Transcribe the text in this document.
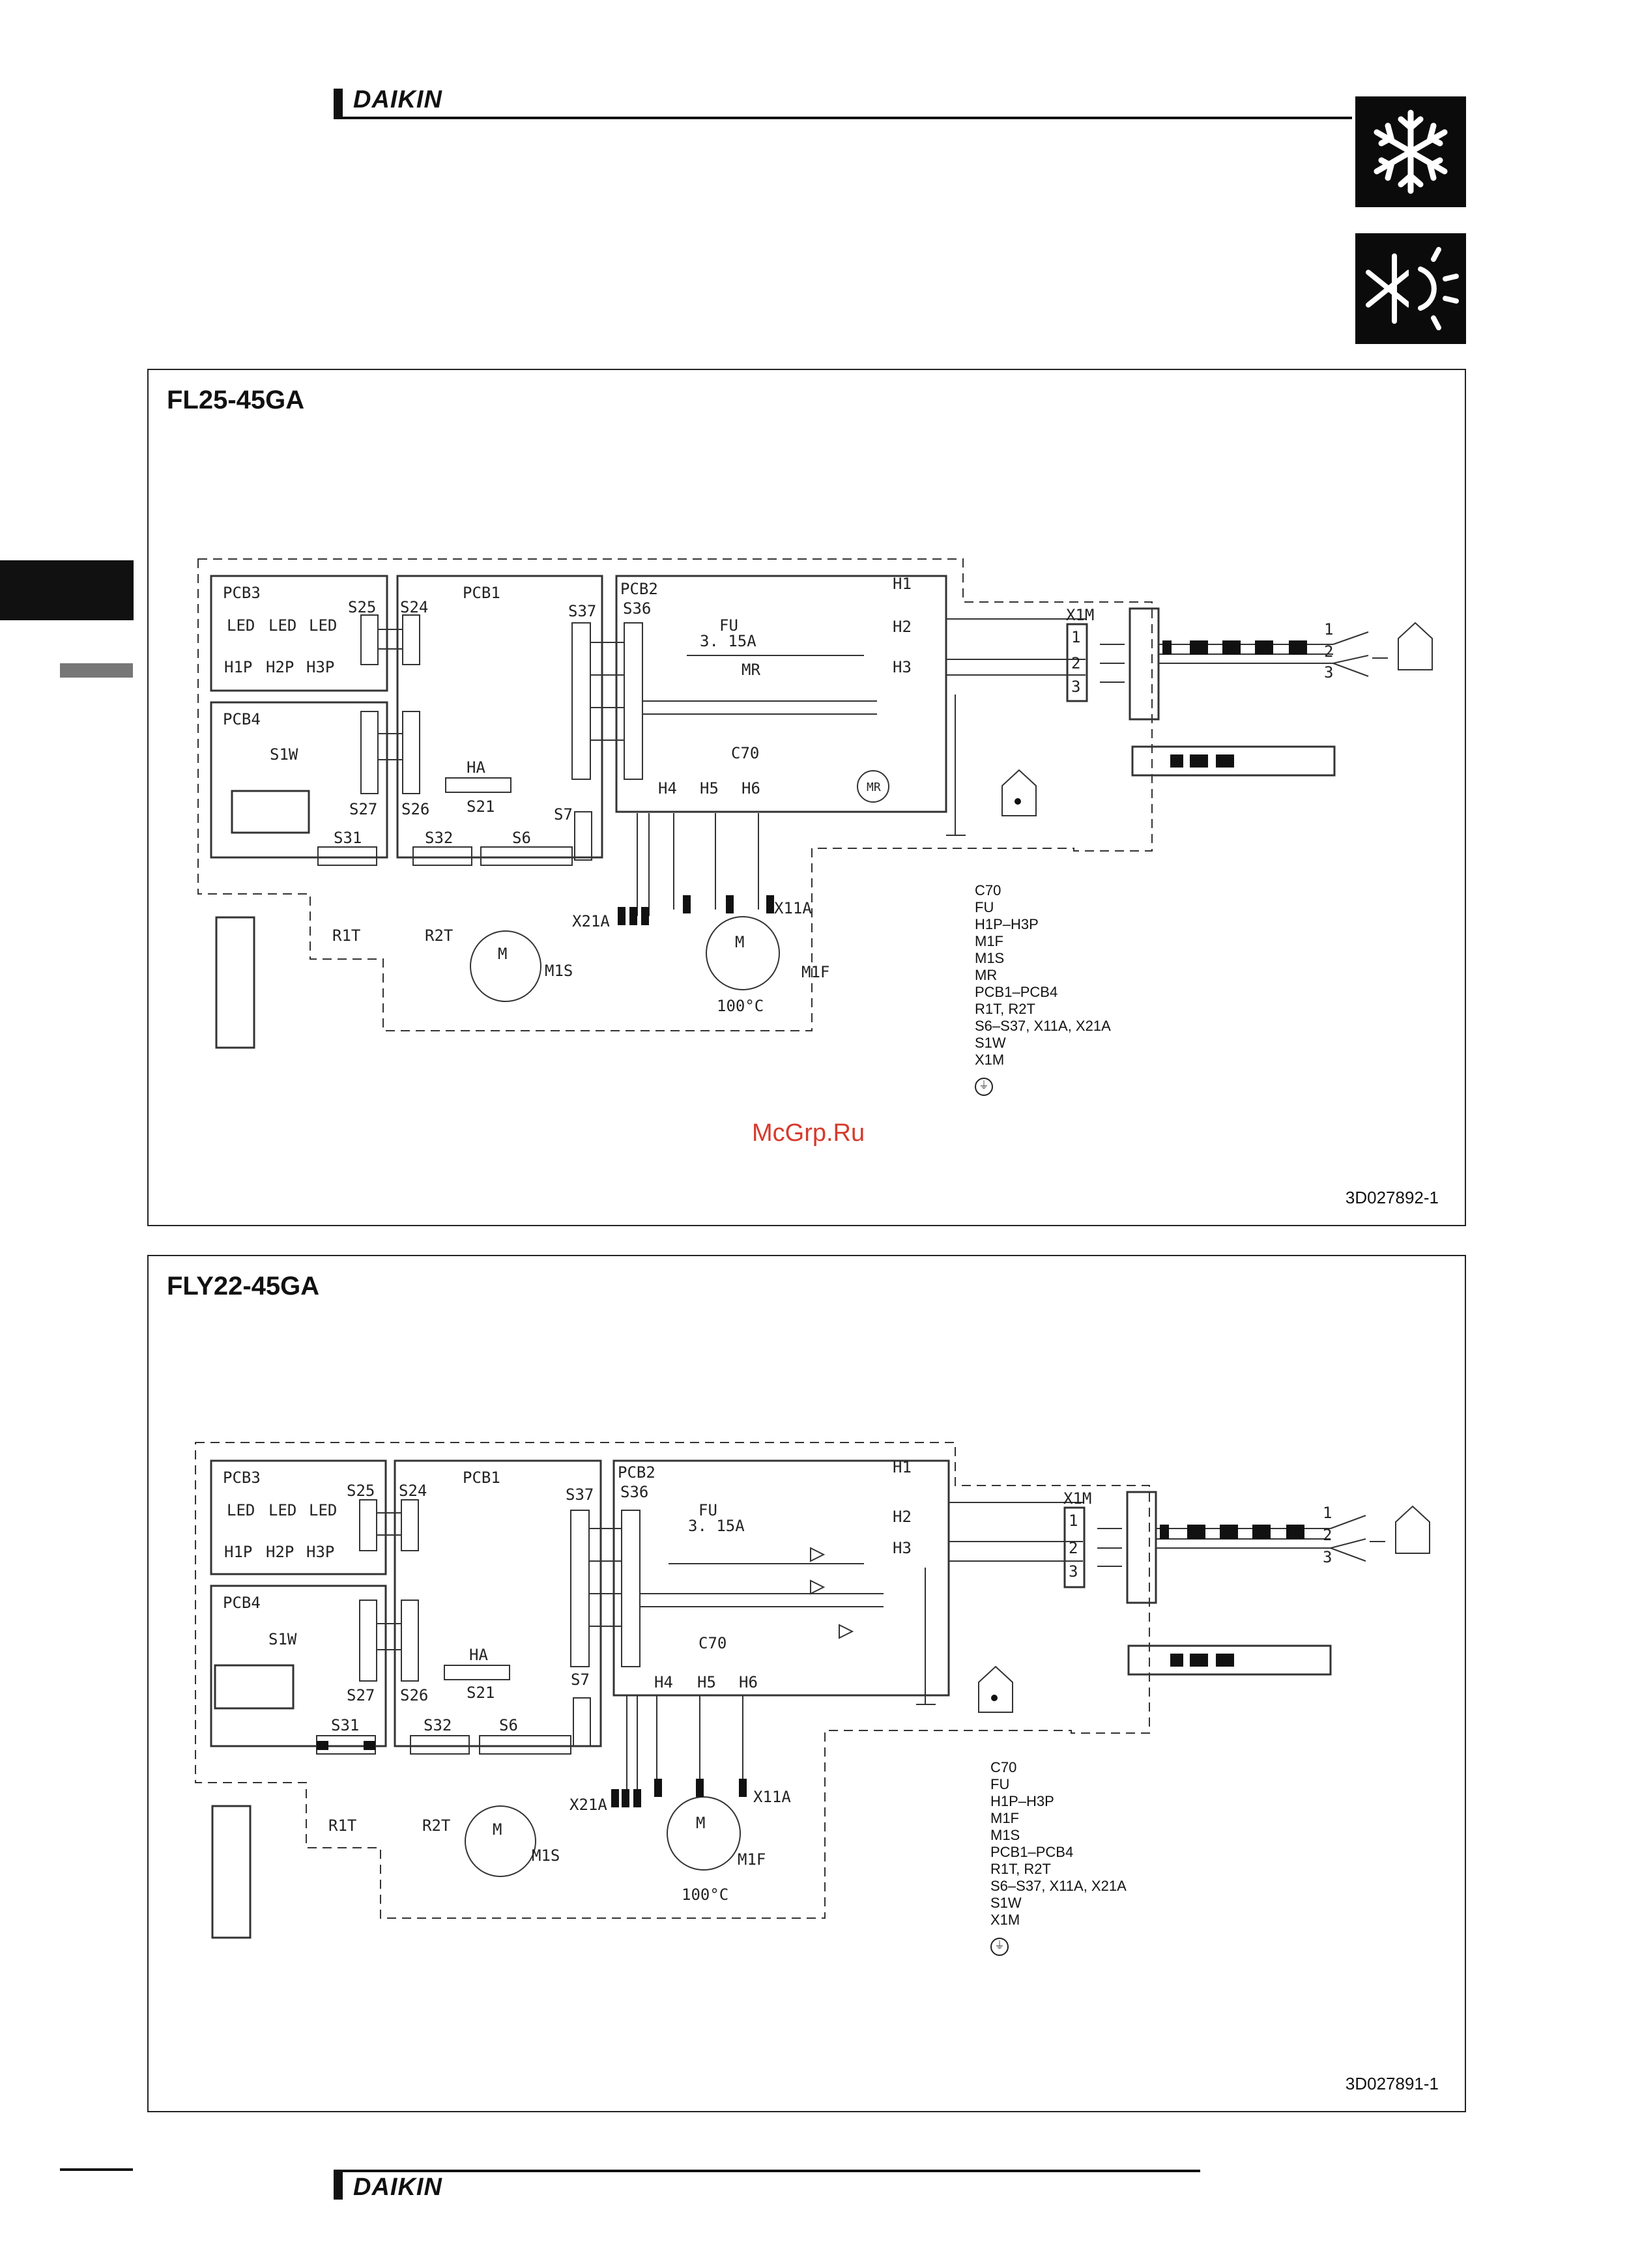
DAIKIN
FL25-45GA
3D027892-1
FLY22-45GA
3D027891-1
PCB3	PCB1	PCB2
PCB4
S25 S24	S37 S36
LED LED LED
H1P H2P H3P
S1W
S27 S26
HA
S21
S31	S32	S6
S7
R1T	R2T
M1S
M
M
M1F
100°C
FU
3. 15A
MR
MR
C70
H1
H2
H3
H4 H5 H6
X1M
X21A
X11A
1
2
3
1
2
3
C70
FU
H1P–H3P
M1F
M1S
MR
PCB1–PCB4
R1T, R2T
S6–S37, X11A, X21A
S1W
X1M
⏚
McGrp.Ru
PCB3	PCB1	PCB2
PCB4
S25 S24	S37 S36
LED LED LED
H1P H2P H3P
S1W
S27 S26
HA
S21
S31	S32	S6
S7
R1T	R2T
M1S
M	M
M1F
100°C
FU
3. 15A
C70
H1
H2
H3
H4 H5 H6
X1M
X21A	X11A
1
2
3
1
2
3
C70
FU
H1P–H3P
M1F
M1S
PCB1–PCB4
R1T, R2T
S6–S37, X11A, X21A
S1W
X1M
⏚
DAIKIN
